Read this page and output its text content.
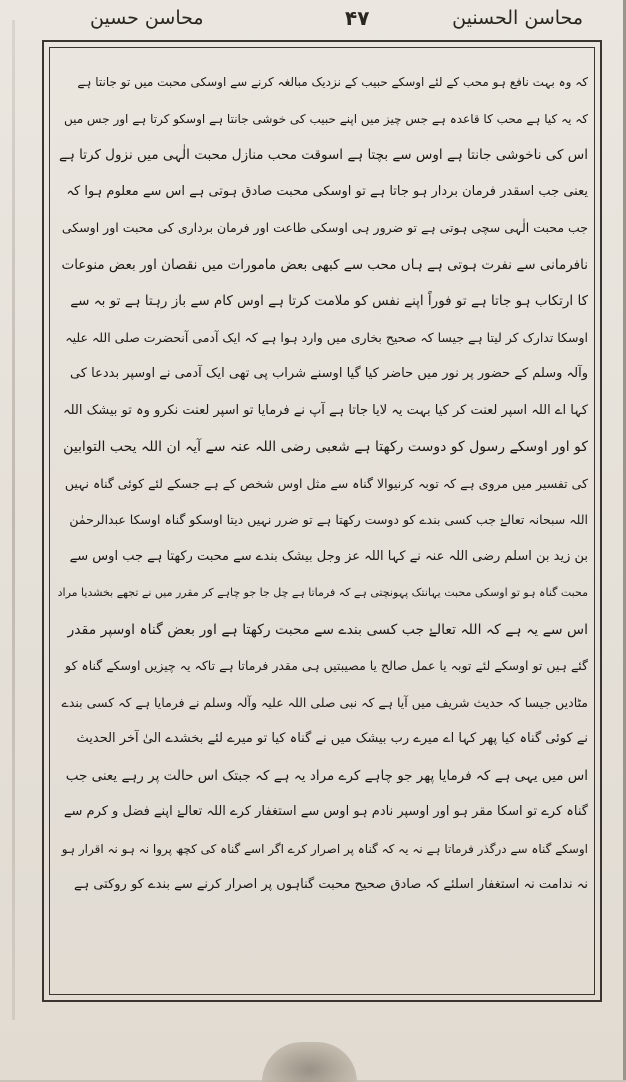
محاسن الحسنین
۴۷
محاسن حسین
کہ وہ بہت نافع ہو محب کے لئے اوسکے حبیب کے نزدیک مبالغہ کرنے سے اوسکی محبت میں تو جانتا ہے
کہ یہ کیا ہے محب کا قاعدہ ہے جس چیز میں اپنے حبیب کی خوشی جانتا ہے اوسکو کرتا ہے اور جس میں
اس کی ناخوشی جانتا ہے اوس سے بچتا ہے اسوقت محب منازل محبت الٰہی میں نزول کرتا ہے
یعنی جب اسقدر فرمان بردار ہو جاتا ہے تو اوسکی محبت صادق ہوتی ہے اس سے معلوم ہوا کہ
جب محبت الٰہی سچی ہوتی ہے تو ضرور ہی اوسکی طاعت اور فرمان برداری کی محبت اور اوسکی
نافرمانی سے نفرت ہوتی ہے ہاں محب سے کبھی بعض مامورات میں نقصان اور بعض منوعات
کا ارتکاب ہو جاتا ہے تو فوراً اپنے نفس کو ملامت کرتا ہے اوس کام سے باز رہتا ہے تو بہ سے
اوسکا تدارک کر لیتا ہے جیسا کہ صحیح بخاری میں وارد ہوا ہے کہ ایک آدمی آنحضرت صلی اللہ علیہ
وآلہ وسلم کے حضور پر نور میں حاضر کیا گیا اوسنے شراب پی تھی ایک آدمی نے اوسپر بددعا کی
کہا اے اللہ اسپر لعنت کر کیا بہت یہ لایا جاتا ہے آپ نے فرمایا تو اسپر لعنت نکرو وہ تو بیشک اللہ
کو اور اوسکے رسول کو دوست رکھتا ہے شعبی رضی اللہ عنہ سے آیہ ان اللہ یحب التوابین
کی تفسیر میں مروی ہے کہ توبہ کرنیوالا گناہ سے مثل اوس شخص کے ہے جسکے لئے کوئی گناہ نہیں
اللہ سبحانہ تعالےٰ جب کسی بندے کو دوست رکھتا ہے تو ضرر نہیں دیتا اوسکو گناہ اوسکا عبدالرحمٰن
بن زید بن اسلم رضی اللہ عنہ نے کہا اللہ عز وجل بیشک بندے سے محبت رکھتا ہے جب اوس سے
محبت گناہ ہو تو اوسکی محبت یہانتک پہونچتی ہے کہ فرماتا ہے چل جا جو چاہے کر مقرر میں نے تجھے بخشدیا مراد
اس سے یہ ہے کہ اللہ تعالےٰ جب کسی بندے سے محبت رکھتا ہے اور بعض گناہ اوسپر مقدر
گئے ہیں تو اوسکے لئے توبہ یا عمل صالح یا مصیبتیں ہی مقدر فرماتا ہے تاکہ یہ چیزیں اوسکے گناہ کو
مٹادیں جیسا کہ حدیث شریف میں آیا ہے کہ نبی صلی اللہ علیہ وآلہ وسلم نے فرمایا ہے کہ کسی بندے
نے کوئی گناہ کیا پھر کہا اے میرے رب بیشک میں نے گناہ کیا تو میرے لئے بخشدے الیٰ آخر الحدیث
اس میں یہی ہے کہ فرمایا پھر جو چاہے کرے مراد یہ ہے کہ جبتک اس حالت پر رہے یعنی جب
گناہ کرے تو اسکا مقر ہو اور اوسپر نادم ہو اوس سے استغفار کرے اللہ تعالےٰ اپنے فضل و کرم سے
اوسکے گناہ سے درگذر فرماتا ہے نہ یہ کہ گناہ پر اصرار کرے اگر اسے گناہ کی کچھ پروا نہ ہو نہ اقرار ہو
نہ ندامت نہ استغفار اسلئے کہ صادق صحیح محبت گناہوں پر اصرار کرنے سے بندے کو روکتی ہے
